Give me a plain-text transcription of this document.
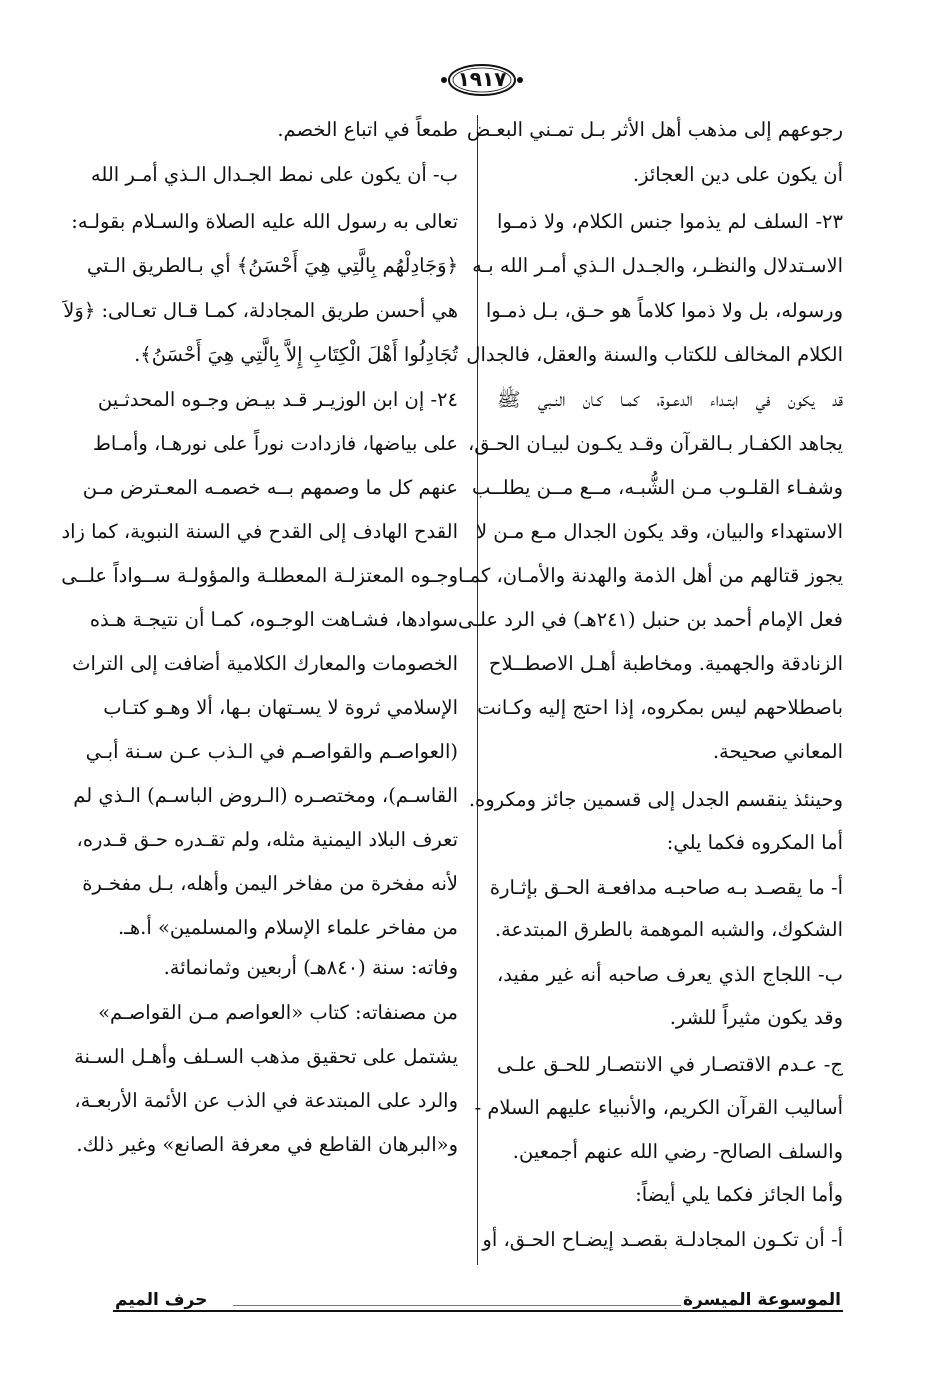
١٩١٧
رجوعهم إلى مذهب أهل الأثر بـل تمـني البعـض
أن يكون على دين العجائز.
٢٣- السلف لم يذموا جنس الكلام، ولا ذمـوا
الاسـتدلال والنظـر، والجـدل الـذي أمـر الله بـه
ورسوله، بل ولا ذموا كلاماً هو حـق، بـل ذمـوا
الكلام المخالف للكتاب والسنة والعقل، فالجدال
قد يكون في ابتـداء الدعـوة، كمـا كـان النـبي ﷺ
يجاهد الكفـار بـالقرآن وقـد يكـون لبيـان الحـق،
وشفـاء القلـوب مـن الشُّبـه، مــع مــن يطلــب
الاستهداء والبيان، وقد يكون الجدال مـع مـن لا
يجوز قتالهم من أهل الذمة والهدنة والأمـان، كمـا
فعل الإمام أحمد بن حنبل (٢٤١هـ) في الرد علـى
الزنادقة والجهمية. ومخاطبة أهـل الاصطــلاح
باصطلاحهم ليس بمكروه، إذا احتج إليه وكـانت
المعاني صحيحة.
وحينئذ ينقسم الجدل إلى قسمين جائز ومكروه.
أما المكروه فكما يلي:
أ- ما يقصـد بـه صاحبـه مدافعـة الحـق بإثـارة
الشكوك، والشبه الموهمة بالطرق المبتدعة.
ب- اللجاج الذي يعرف صاحبه أنه غير مفيد،
وقد يكون مثيراً للشر.
ج- عـدم الاقتصـار في الانتصـار للحـق علـى
أساليب القرآن الكريم، والأنبياء عليهم السلام -
والسلف الصالح- رضي الله عنهم أجمعين.
وأما الجائز فكما يلي أيضاً:
أ- أن تكـون المجادلـة بقصـد إيضـاح الحـق، أو
طمعاً في اتباع الخصم.
ب- أن يكون على نمط الجـدال الـذي أمـر الله
تعالى به رسول الله عليه الصلاة والسـلام بقولـه:
﴿وَجَادِلْهُم بِالَّتِي هِيَ أَحْسَنُ﴾ أي بـالطريق الـتي
هي أحسن طريق المجادلة، كمـا قـال تعـالى: ﴿وَلاَ
تُجَادِلُوا أَهْلَ الْكِتَابِ إِلاَّ بِالَّتِي هِيَ أَحْسَنُ﴾.
٢٤- إن ابن الوزيـر قـد بيـض وجـوه المحدثـين
على بياضها، فازدادت نوراً على نورهـا، وأمـاط
عنهم كل ما وصمهم بــه خصمـه المعـترض مـن
القدح الهادف إلى القدح في السنة النبوية، كما زاد
وجـوه المعتزلـة المعطلـة والمؤولـة ســواداً علــى
سوادها، فشـاهت الوجـوه، كمـا أن نتيجـة هـذه
الخصومات والمعارك الكلامية أضافت إلى التراث
الإسلامي ثروة لا يسـتهان بـها، ألا وهـو كتـاب
(العواصـم والقواصـم في الـذب عـن سـنة أبـي
القاسـم)، ومختصـره (الـروض الباسـم) الـذي لم
تعرف البلاد اليمنية مثله، ولم تقـدره حـق قـدره،
لأنه مفخرة من مفاخر اليمن وأهله، بـل مفخـرة
من مفاخر علماء الإسلام والمسلمين» أ.هـ.
وفاته: سنة (٨٤٠هـ) أربعين وثمانمائة.
من مصنفاته: كتاب «العواصم مـن القواصـم»
يشتمل على تحقيق مذهب السـلف وأهـل السـنة
والرد على المبتدعة في الذب عن الأئمة الأربعـة،
و«البرهان القاطع في معرفة الصانع» وغير ذلك.
الموسوعة الميسرة
حرف الميم
